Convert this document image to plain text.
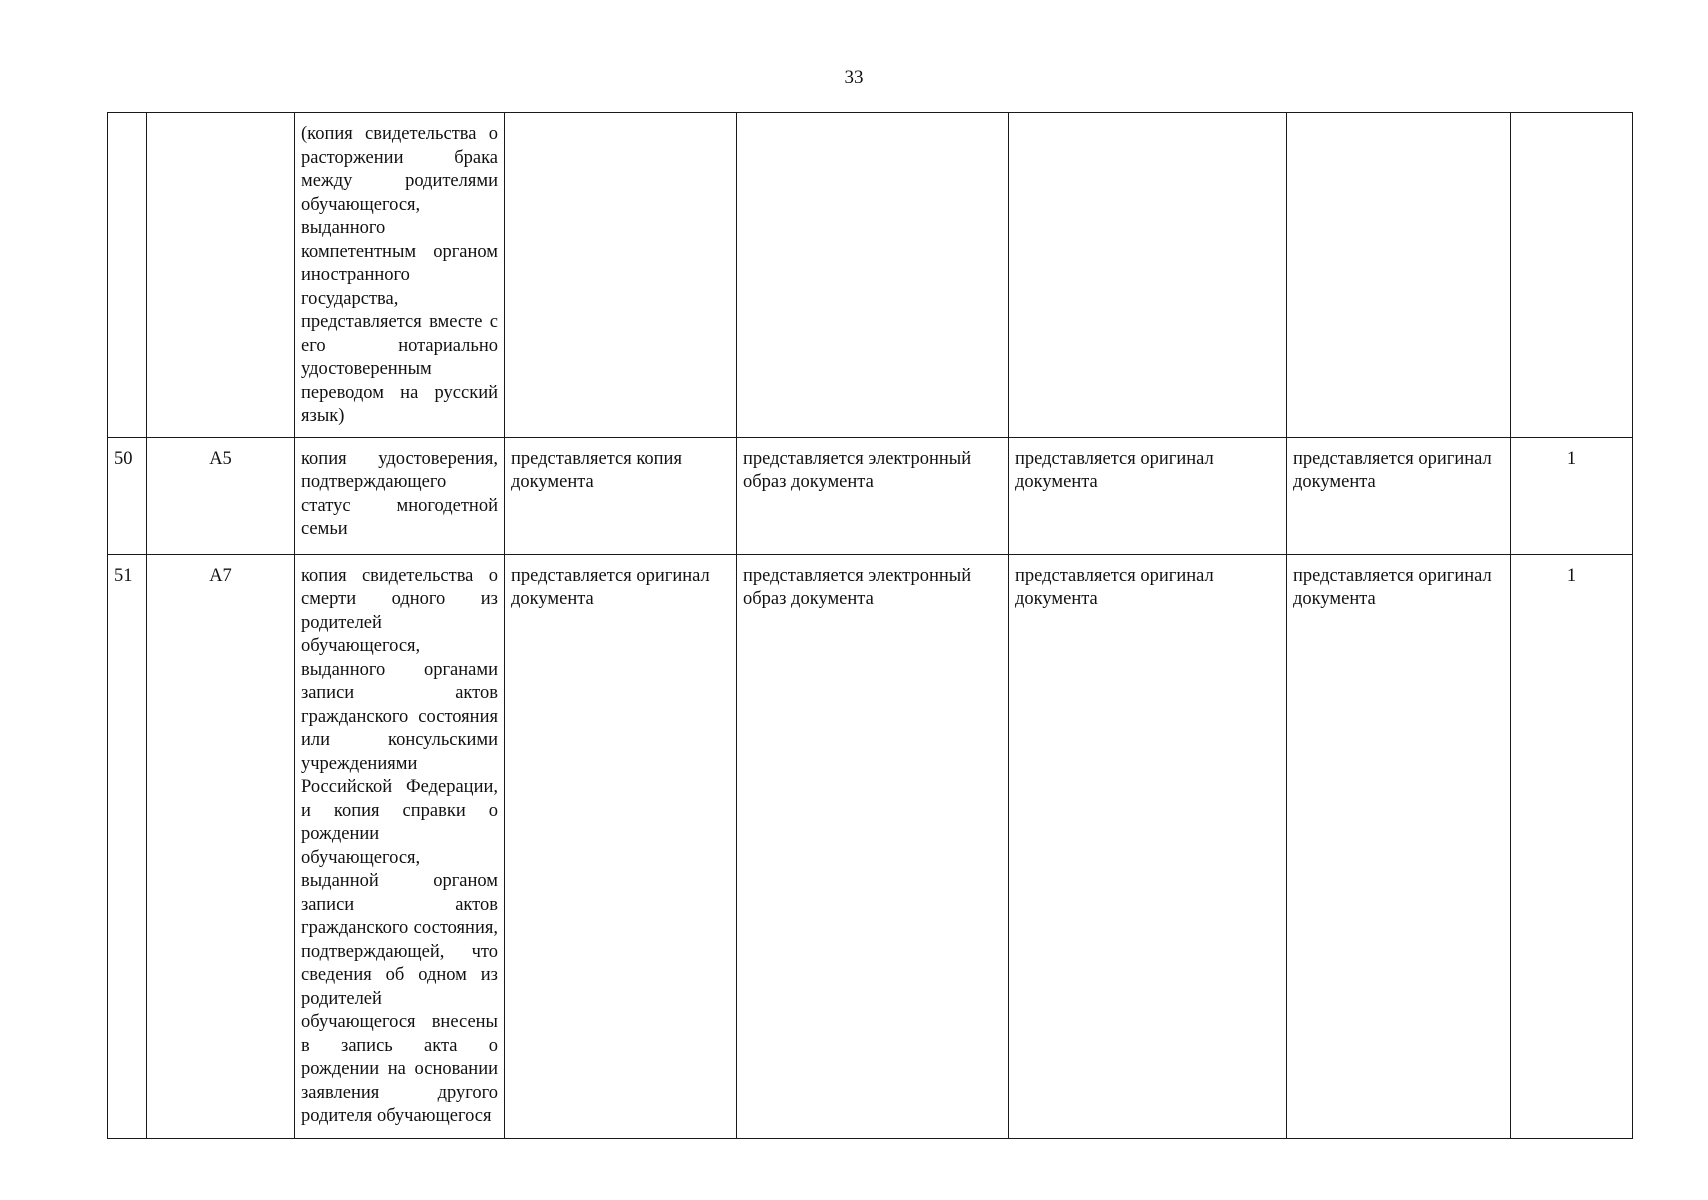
33
		(копия свидетельства о расторжении брака между родителями обучающегося, выданного компетентным органом иностранного государства, представляется вместе с его нотариально удостоверенным переводом на русский язык)					
50	А5	копия удостоверения, подтверждающего статус многодетной семьи	представляется копия документа	представляется электронный образ документа	представляется оригинал документа	представляется оригинал документа	1
51	А7	копия свидетельства о смерти одного из родителей обучающегося, выданного органами записи актов гражданского состояния или консульскими учреждениями Российской Федерации, и копия справки о рождении обучающегося, выданной органом записи актов гражданского состояния, подтверждающей, что сведения об одном из родителей обучающегося внесены в запись акта о рождении на основании заявления другого родителя обучающегося	представляется оригинал документа	представляется электронный образ документа	представляется оригинал документа	представляется оригинал документа	1
